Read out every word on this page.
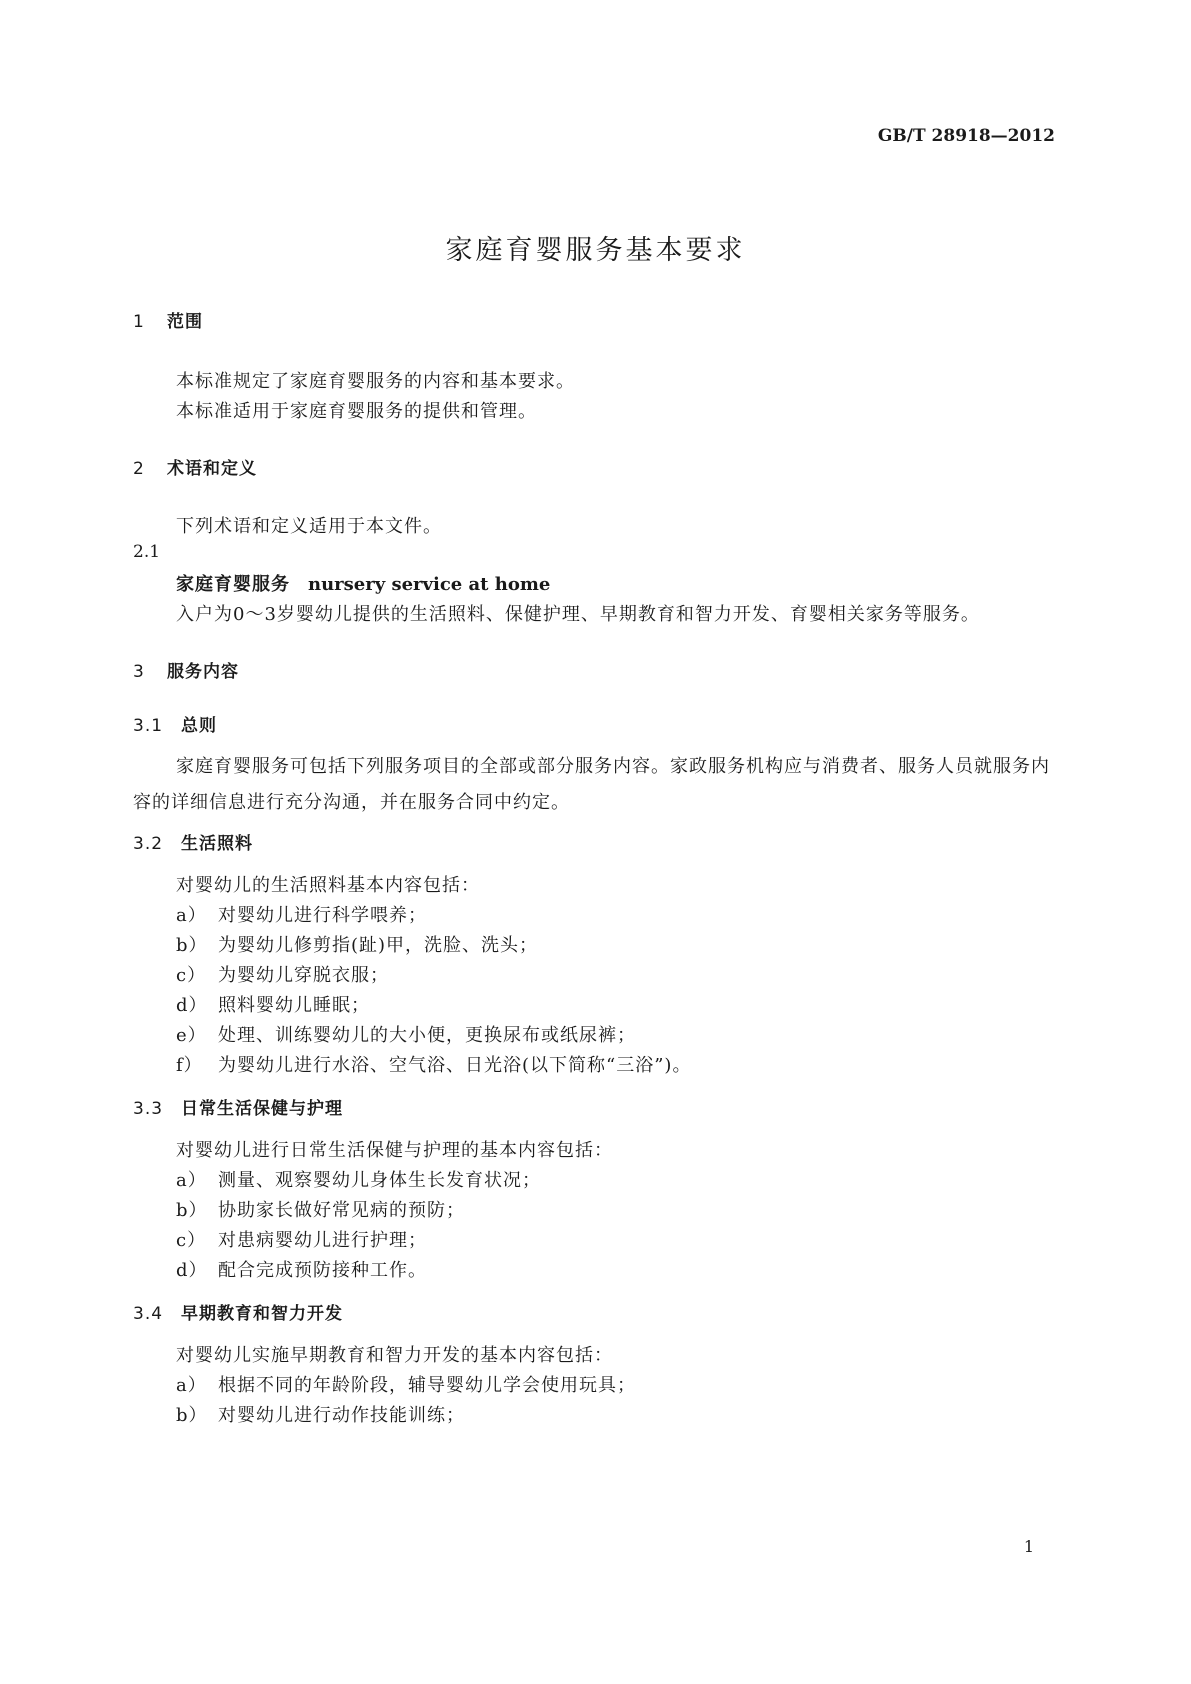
GB/T 28918—2012
家庭育婴服务基本要求
1 范围
本标准规定了家庭育婴服务的内容和基本要求。
本标准适用于家庭育婴服务的提供和管理。
2 术语和定义
下列术语和定义适用于本文件。
2.1
家庭育婴服务 nursery service at home
入户为0～3岁婴幼儿提供的生活照料、保健护理、早期教育和智力开发、育婴相关家务等服务。
3 服务内容
3.1 总则
家庭育婴服务可包括下列服务项目的全部或部分服务内容。家政服务机构应与消费者、服务人员就服务内容的详细信息进行充分沟通，并在服务合同中约定。
3.2 生活照料
对婴幼儿的生活照料基本内容包括：
a） 对婴幼儿进行科学喂养；
b） 为婴幼儿修剪指(趾)甲，洗脸、洗头；
c） 为婴幼儿穿脱衣服；
d） 照料婴幼儿睡眠；
e） 处理、训练婴幼儿的大小便，更换尿布或纸尿裤；
f） 为婴幼儿进行水浴、空气浴、日光浴(以下简称“三浴”)。
3.3 日常生活保健与护理
对婴幼儿进行日常生活保健与护理的基本内容包括：
a） 测量、观察婴幼儿身体生长发育状况；
b） 协助家长做好常见病的预防；
c） 对患病婴幼儿进行护理；
d） 配合完成预防接种工作。
3.4 早期教育和智力开发
对婴幼儿实施早期教育和智力开发的基本内容包括：
a） 根据不同的年龄阶段，辅导婴幼儿学会使用玩具；
b） 对婴幼儿进行动作技能训练；
1
